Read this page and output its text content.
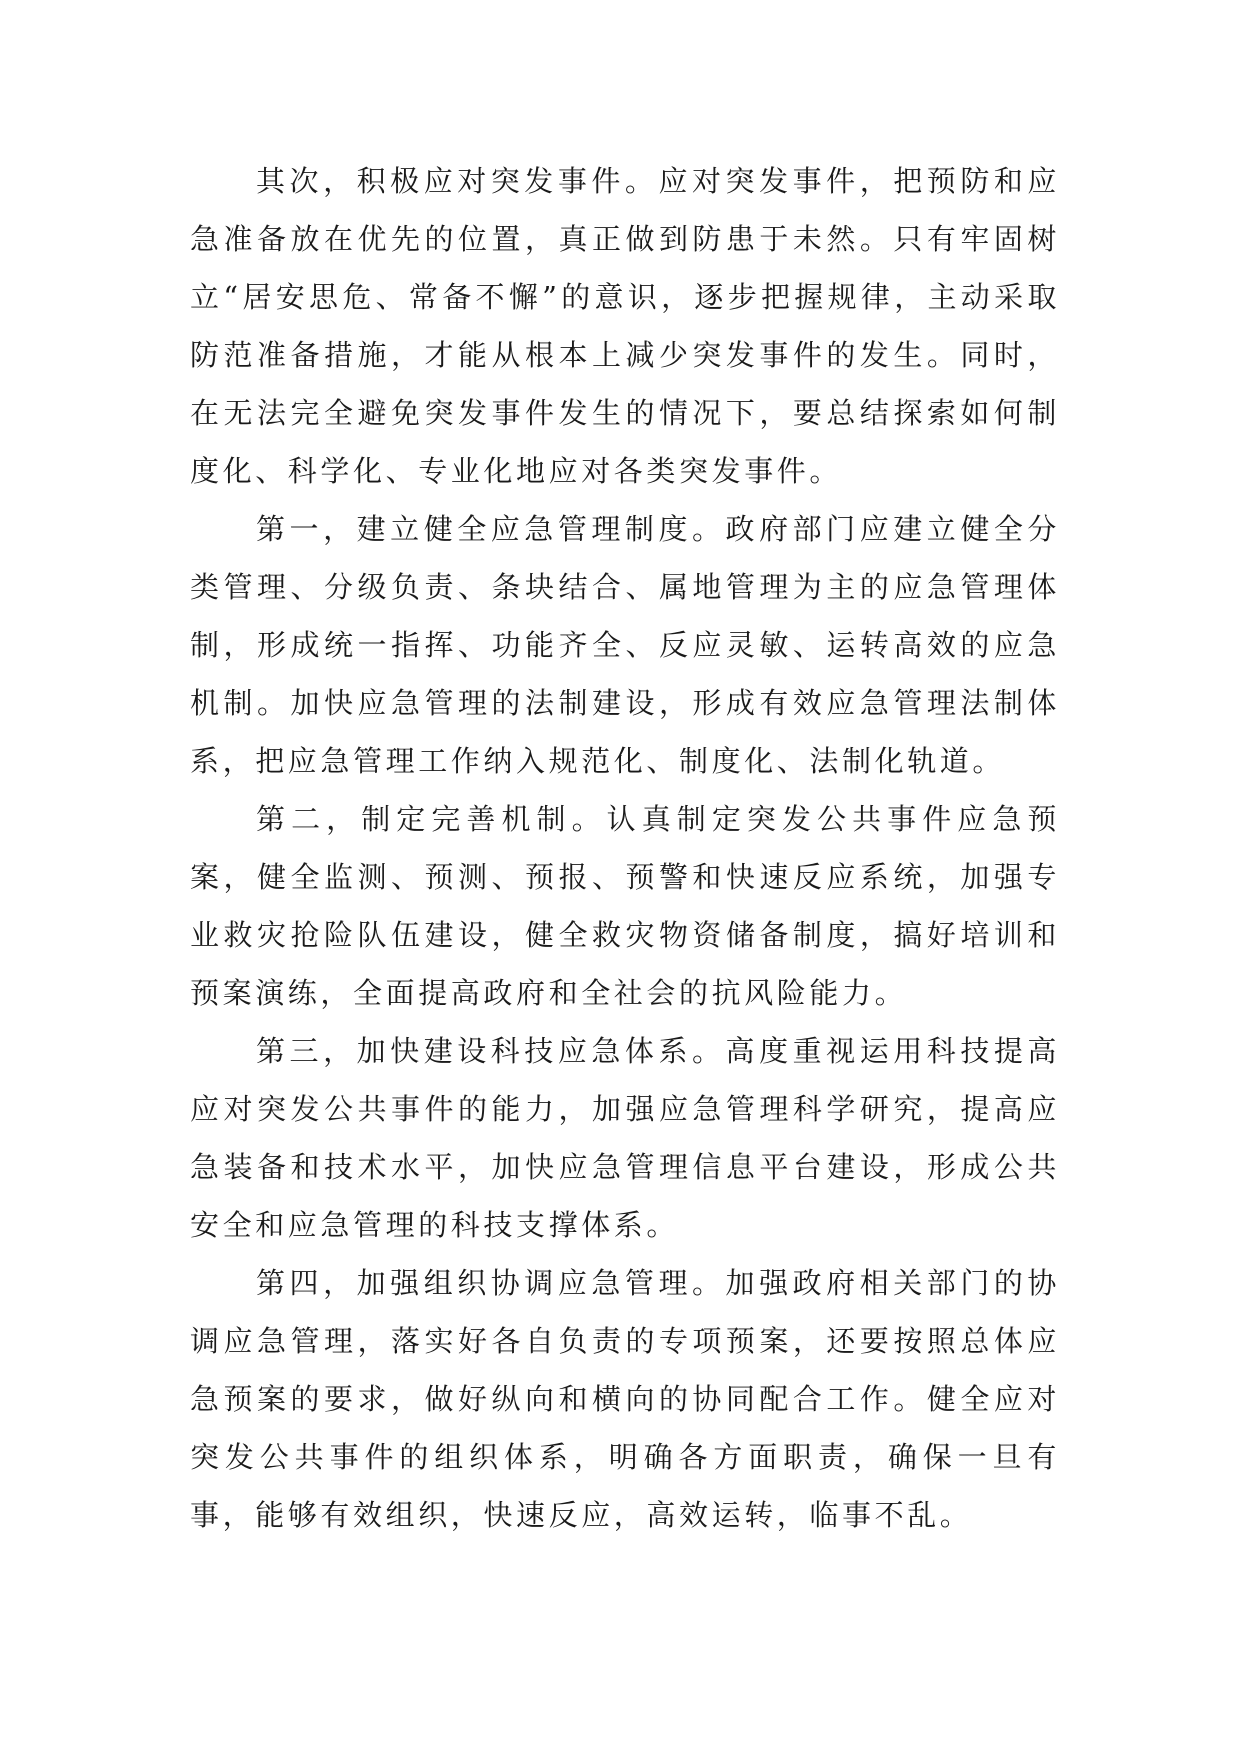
其次，积极应对突发事件。应对突发事件，把预防和应急准备放在优先的位置，真正做到防患于未然。只有牢固树立“居安思危、常备不懈”的意识，逐步把握规律，主动采取防范准备措施，才能从根本上减少突发事件的发生。同时，在无法完全避免突发事件发生的情况下，要总结探索如何制度化、科学化、专业化地应对各类突发事件。

第一，建立健全应急管理制度。政府部门应建立健全分类管理、分级负责、条块结合、属地管理为主的应急管理体制，形成统一指挥、功能齐全、反应灵敏、运转高效的应急机制。加快应急管理的法制建设，形成有效应急管理法制体系，把应急管理工作纳入规范化、制度化、法制化轨道。

第二，制定完善机制。认真制定突发公共事件应急预案，健全监测、预测、预报、预警和快速反应系统，加强专业救灾抢险队伍建设，健全救灾物资储备制度，搞好培训和预案演练，全面提高政府和全社会的抗风险能力。

第三，加快建设科技应急体系。高度重视运用科技提高应对突发公共事件的能力，加强应急管理科学研究，提高应急装备和技术水平，加快应急管理信息平台建设，形成公共安全和应急管理的科技支撑体系。

第四，加强组织协调应急管理。加强政府相关部门的协调应急管理，落实好各自负责的专项预案，还要按照总体应急预案的要求，做好纵向和横向的协同配合工作。健全应对突发公共事件的组织体系，明确各方面职责，确保一旦有事，能够有效组织，快速反应，高效运转，临事不乱。
